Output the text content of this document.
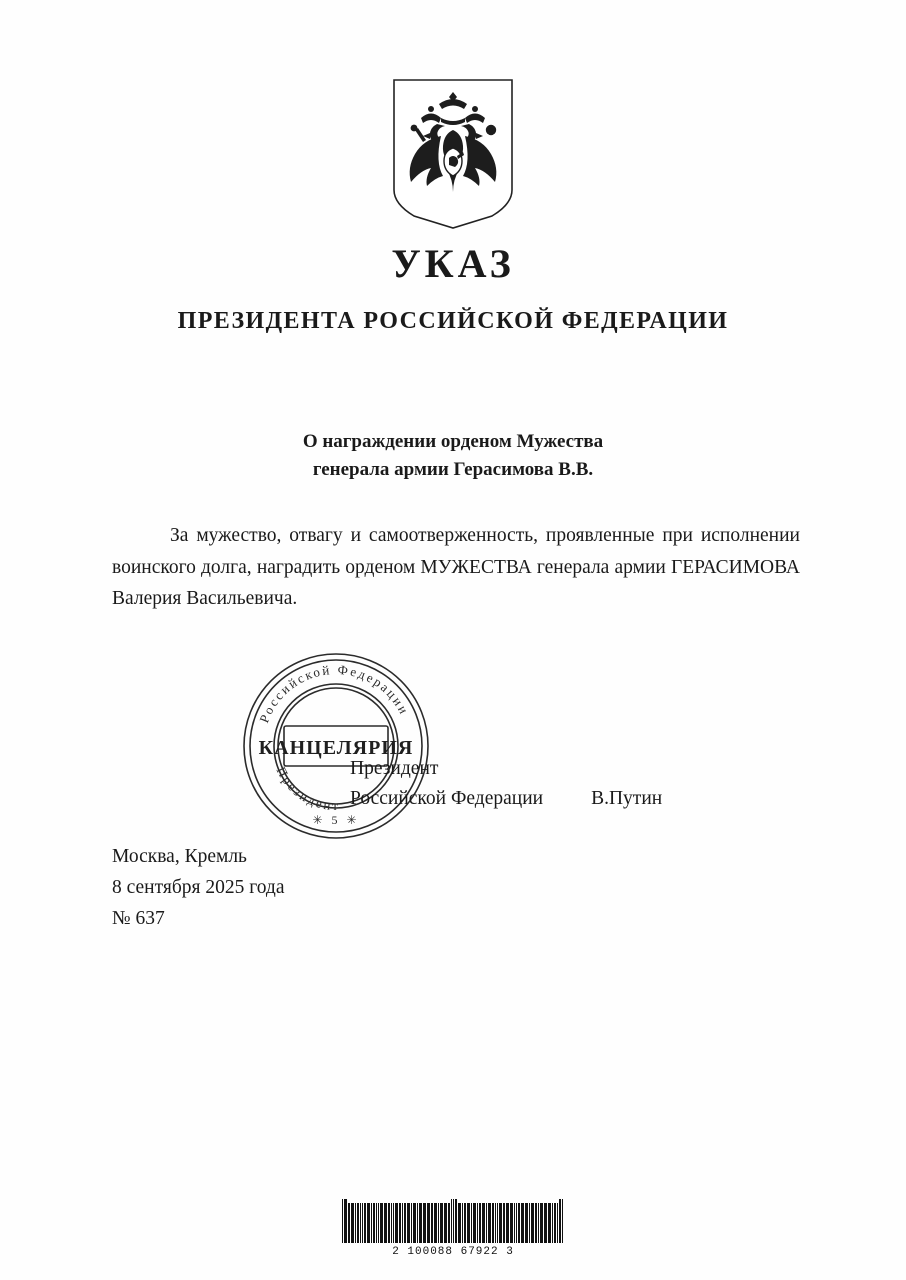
УКАЗ
ПРЕЗИДЕНТА РОССИЙСКОЙ ФЕДЕРАЦИИ
О награждении орденом Мужества
генерала армии Герасимова В.В.

За мужество, отвагу и самоотверженность, проявленные при исполнении воинского долга, наградить орденом МУЖЕСТВА генерала армии ГЕРАСИМОВА Валерия Васильевича.

Российской Федерации
Президент
КАНЦЕЛЯРИЯ
✳ 5 ✳
Президент
Российской Федерации В.Путин
Москва, Кремль
8 сентября 2025 года
№ 637
2 100088 67922 3
